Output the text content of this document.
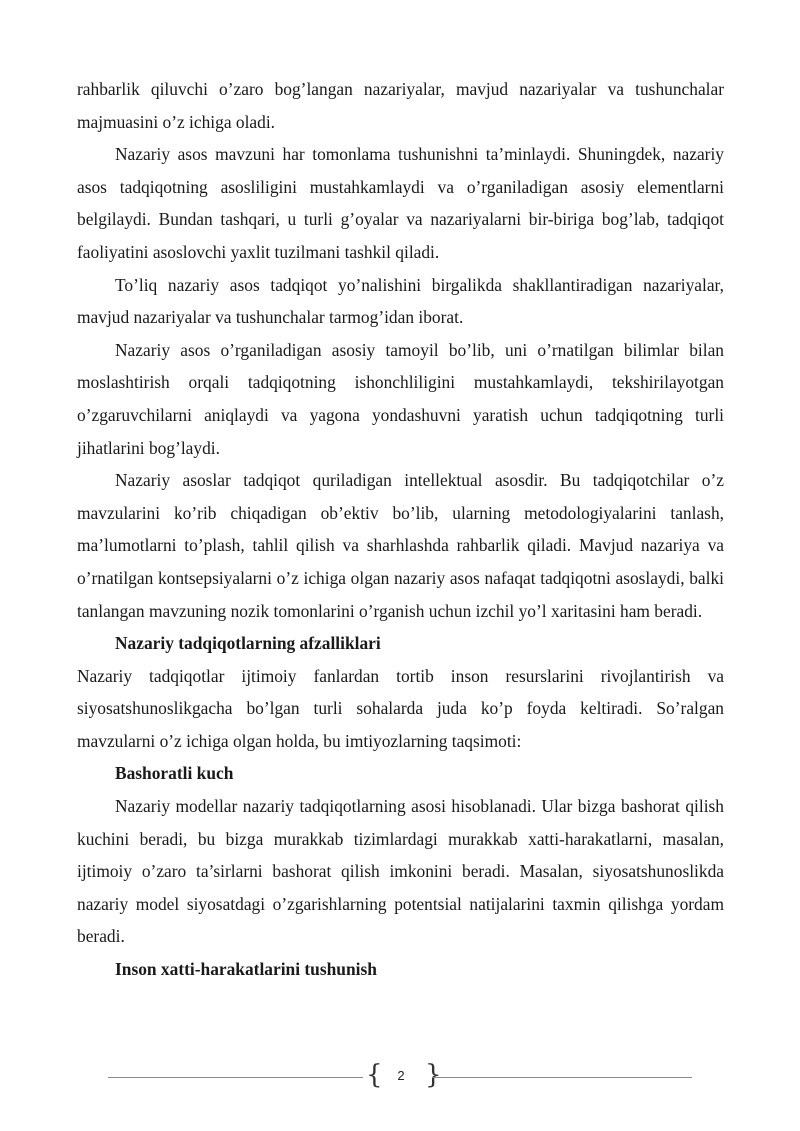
rahbarlik qiluvchi o’zaro bog’langan nazariyalar, mavjud nazariyalar va tushunchalar majmuasini o’z ichiga oladi.

Nazariy asos mavzuni har tomonlama tushunishni ta’minlaydi. Shuningdek, nazariy asos tadqiqotning asosliligini mustahkamlaydi va o’rganiladigan asosiy elementlarni belgilaydi. Bundan tashqari, u turli g’oyalar va nazariyalarni bir-biriga bog’lab, tadqiqot faoliyatini asoslovchi yaxlit tuzilmani tashkil qiladi.

To’liq nazariy asos tadqiqot yo’nalishini birgalikda shakllantiradigan nazariyalar, mavjud nazariyalar va tushunchalar tarmog’idan iborat.

Nazariy asos o’rganiladigan asosiy tamoyil bo’lib, uni o’rnatilgan bilimlar bilan moslashtirish orqali tadqiqotning ishonchliligini mustahkamlaydi, tekshirilayotgan o’zgaruvchilarni aniqlaydi va yagona yondashuvni yaratish uchun tadqiqotning turli jihatlarini bog’laydi.

Nazariy asoslar tadqiqot quriladigan intellektual asosdir. Bu tadqiqotchilar o’z mavzularini ko’rib chiqadigan ob’ektiv bo’lib, ularning metodologiyalarini tanlash, ma’lumotlarni to’plash, tahlil qilish va sharhlashda rahbarlik qiladi. Mavjud nazariya va o’rnatilgan kontsepsiyalarni o’z ichiga olgan nazariy asos nafaqat tadqiqotni asoslaydi, balki tanlangan mavzuning nozik tomonlarini o’rganish uchun izchil yo’l xaritasini ham beradi.

Nazariy tadqiqotlarning afzalliklari

Nazariy tadqiqotlar ijtimoiy fanlardan tortib inson resurslarini rivojlantirish va siyosatshunoslikgacha bo’lgan turli sohalarda juda ko’p foyda keltiradi. So’ralgan mavzularni o’z ichiga olgan holda, bu imtiyozlarning taqsimoti:

Bashoratli kuch

Nazariy modellar nazariy tadqiqotlarning asosi hisoblanadi. Ular bizga bashorat qilish kuchini beradi, bu bizga murakkab tizimlardagi murakkab xatti-harakatlarni, masalan, ijtimoiy o’zaro ta’sirlarni bashorat qilish imkonini beradi. Masalan, siyosatshunoslikda nazariy model siyosatdagi o’zgarishlarning potentsial natijalarini taxmin qilishga yordam beradi.

Inson xatti-harakatlarini tushunish

{	2 }
